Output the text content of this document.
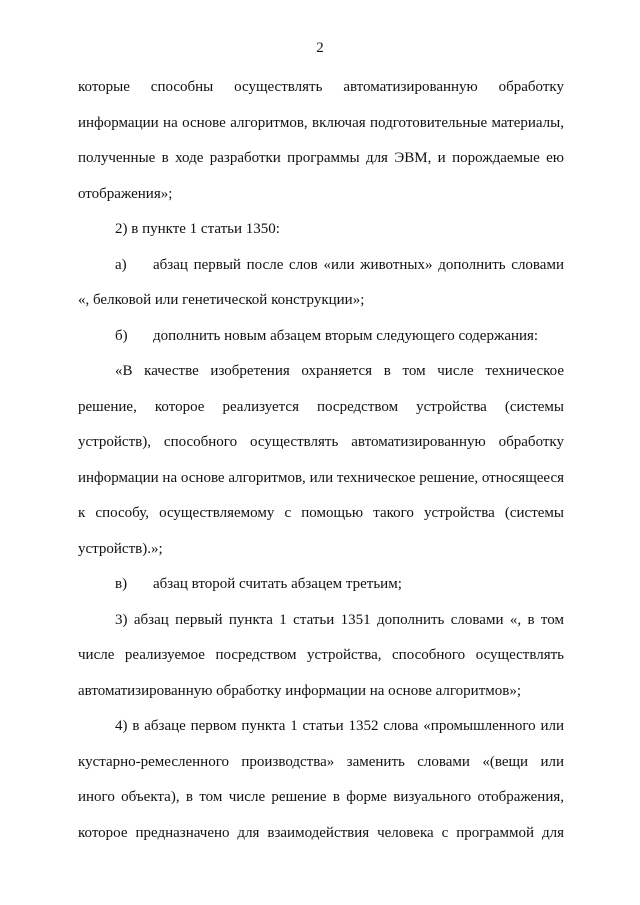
2
которые способны осуществлять автоматизированную обработку
информации на основе алгоритмов, включая подготовительные материалы,
полученные в ходе разработки программы для ЭВМ, и порождаемые ею
отображения»;
2) в пункте 1 статьи 1350:
а)	абзац первый после слов «или животных» дополнить словами
«, белковой или генетической конструкции»;
б)	дополнить новым абзацем вторым следующего содержания:
«В качестве изобретения охраняется в том числе техническое
решение, которое реализуется посредством устройства (системы
устройств), способного осуществлять автоматизированную обработку
информации на основе алгоритмов, или техническое решение, относящееся
к способу, осуществляемому с помощью такого устройства (системы
устройств).»;
в)	абзац второй считать абзацем третьим;
3) абзац первый пункта 1 статьи 1351 дополнить словами «, в том
числе реализуемое посредством устройства, способного осуществлять
автоматизированную обработку информации на основе алгоритмов»;
4) в абзаце первом пункта 1 статьи 1352 слова «промышленного или
кустарно-ремесленного производства» заменить словами «(вещи или
иного объекта), в том числе решение в форме визуального отображения,
которое предназначено для взаимодействия человека с программой для
